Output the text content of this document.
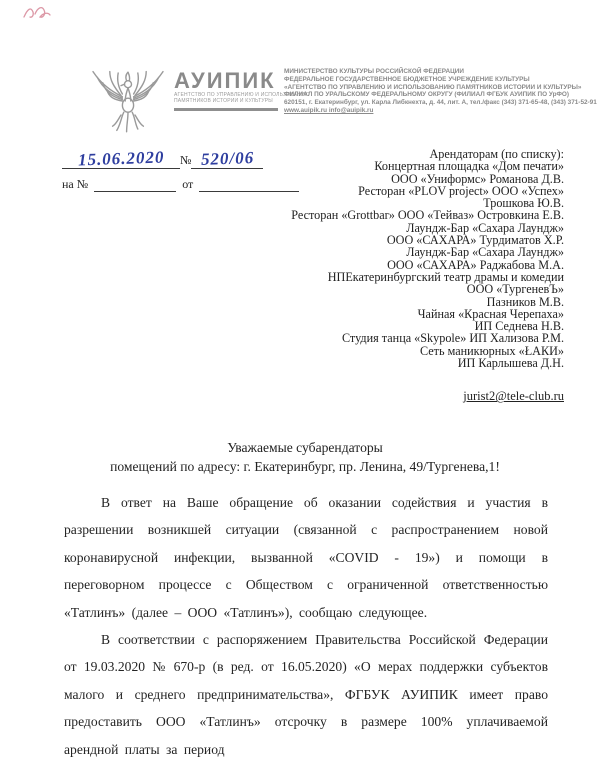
АУИПИК
АГЕНТСТВО ПО УПРАВЛЕНИЮ И ИСПОЛЬЗОВАНИЮ
ПАМЯТНИКОВ ИСТОРИИ И КУЛЬТУРЫ
МИНИСТЕРСТВО КУЛЬТУРЫ РОССИЙСКОЙ ФЕДЕРАЦИИ
ФЕДЕРАЛЬНОЕ ГОСУДАРСТВЕННОЕ БЮДЖЕТНОЕ УЧРЕЖДЕНИЕ КУЛЬТУРЫ
«АГЕНТСТВО ПО УПРАВЛЕНИЮ И ИСПОЛЬЗОВАНИЮ ПАМЯТНИКОВ ИСТОРИИ И КУЛЬТУРЫ»
ФИЛИАЛ ПО УРАЛЬСКОМУ ФЕДЕРАЛЬНОМУ ОКРУГУ (ФИЛИАЛ ФГБУК АУИПИК ПО УрФО)
620151, г. Екатеринбург, ул. Карла Либкнехта, д. 44, лит. А, тел./факс (343) 371-65-48, (343) 371-52-91
www.auipik.ru info@auipik.ru
15.06.2020 № 520/06
на №	от
Арендаторам (по списку):
Концертная площадка «Дом печати»
ООО «Униформс» Романова Д.В.
Ресторан «PLOV project» ООО «Успех»
Трошкова Ю.В.
Ресторан «Grottbar» ООО «Тейваз» Островкина Е.В.
Лаундж-Бар «Сахара Лаундж»
ООО «САХАРА» Турдиматов Х.Р.
Лаундж-Бар «Сахара Лаундж»
ООО «САХАРА» Раджабова М.А.
НПЕкатеринбургский театр драмы и комедии
ООО «ТургеневЪ»
Пазников М.В.
Чайная «Красная Черепаха»
ИП Седнева Н.В.
Студия танца «Skypole» ИП Хализова Р.М.
Сеть маникюрных «ŁАКИ»
ИП Карлышева Д.Н.
jurist2@tele-club.ru
Уважаемые субарендаторы
помещений по адресу: г. Екатеринбург, пр. Ленина, 49/Тургенева,1!

В ответ на Ваше обращение об оказании содействия и участия в разрешении возникшей ситуации (связанной с распространением новой коронавирусной инфекции, вызванной «COVID - 19») и помощи в переговорном процессе с Обществом с ограниченной ответственностью «Татлинъ» (далее – ООО «Татлинъ»), сообщаю следующее.

В соответствии с распоряжением Правительства Российской Федерации от 19.03.2020 № 670-р (в ред. от 16.05.2020) «О мерах поддержки субъектов малого и среднего предпринимательства», ФГБУК АУИПИК имеет право предоставить ООО «Татлинъ» отсрочку в размере 100% уплачиваемой арендной платы за период
